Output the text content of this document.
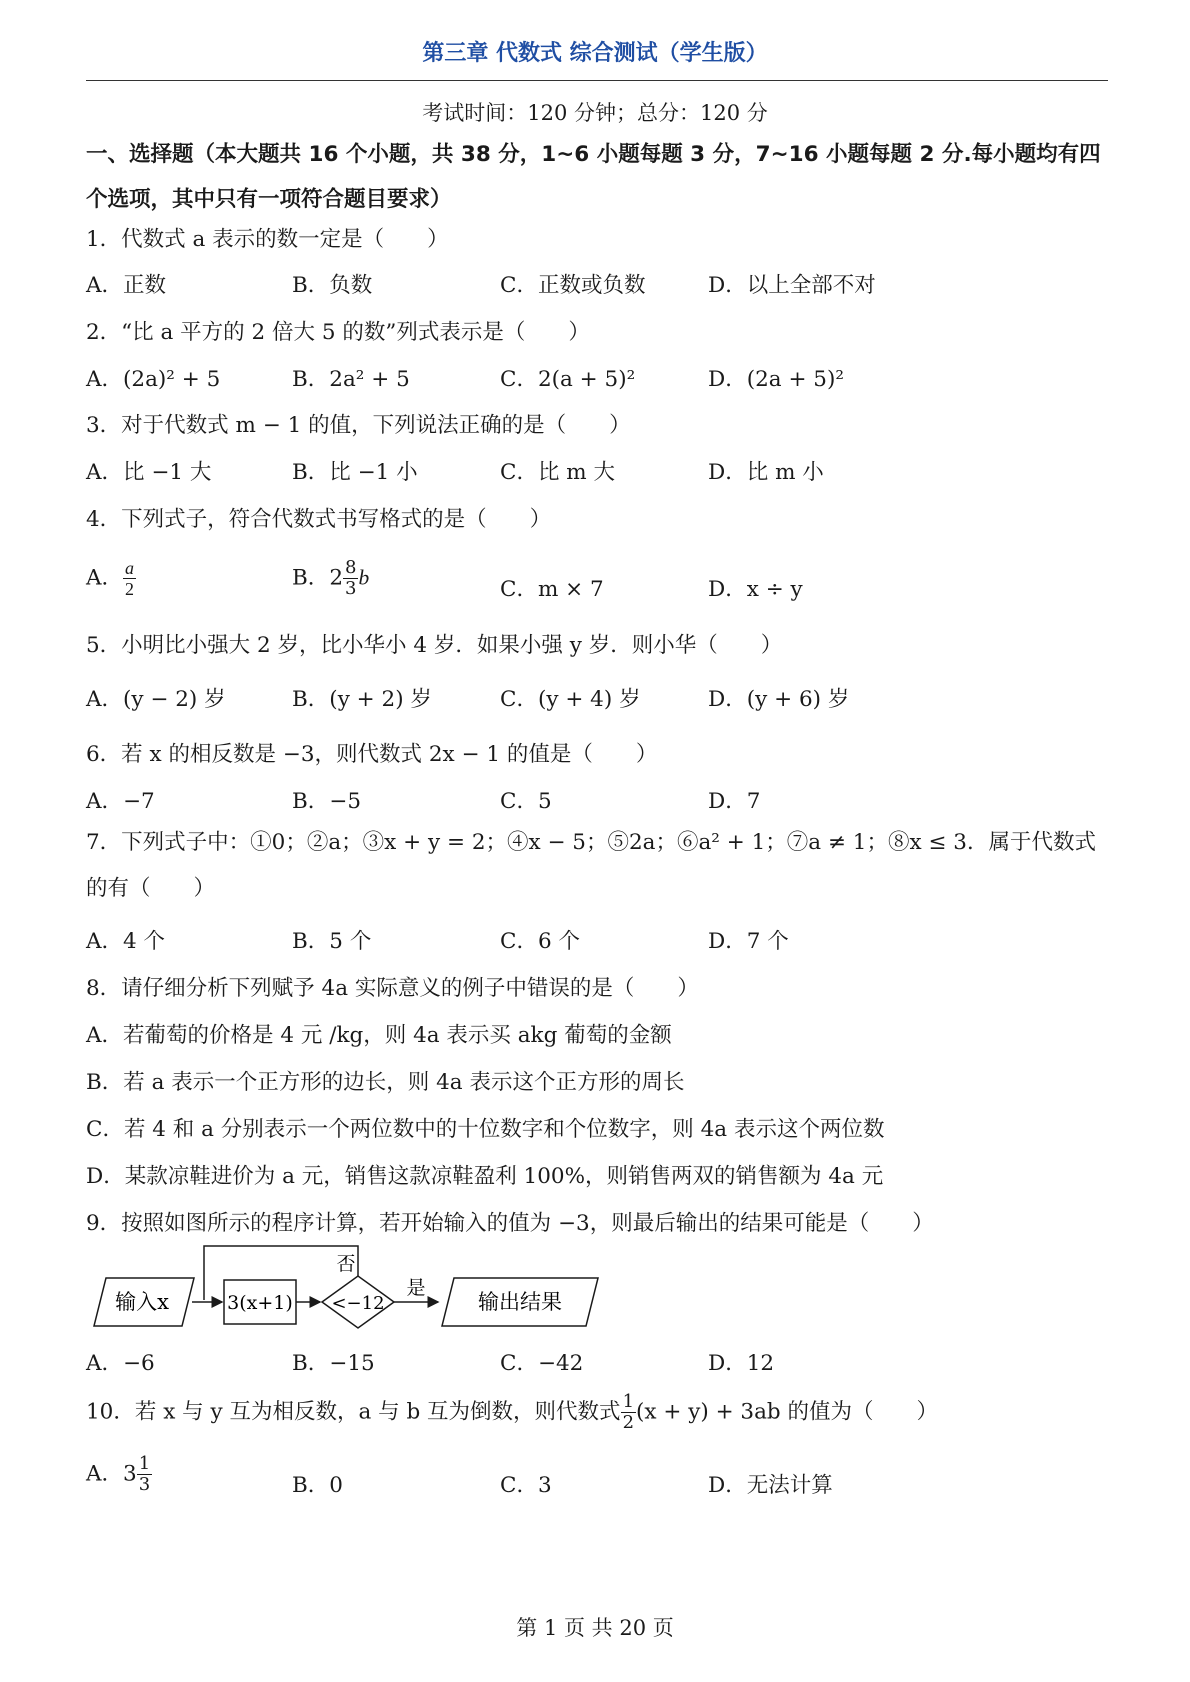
第三章 代数式 综合测试（学生版）
考试时间：120 分钟；总分：120 分
一、选择题（本大题共 16 个小题，共 38 分，1~6 小题每题 3 分，7~16 小题每题 2 分.每小题均有四个选项，其中只有一项符合题目要求）
1．代数式 a 表示的数一定是（　　）
A．正数	B．负数	C．正数或负数	D．以上全部不对
2．“比 a 平方的 2 倍大 5 的数”列式表示是（　　）
A．(2a)² + 5	B．2a² + 5	C．2(a + 5)²	D．(2a + 5)²
3．对于代数式 m − 1 的值，下列说法正确的是（　　）
A．比 −1 大	B．比 −1 小	C．比 m 大	D．比 m 小
4．下列式子，符合代数式书写格式的是（　　）
A． $\frac{a}{2}$	B．$2 \frac{8}{3}$ b	C．m × 7	D．x ÷ y
5．小明比小强大 2 岁，比小华小 4 岁．如果小强 y 岁．则小华（　　）
A．(y − 2) 岁	B．(y + 2) 岁	C．(y + 4) 岁	D．(y + 6) 岁
6．若 x 的相反数是 −3，则代数式 2x − 1 的值是（　　）
A．−7	B．−5	C．5	D．7
7．下列式子中：①0；②a；③x + y = 2；④x − 5；⑤2a；⑥a² + 1；⑦a ≠ 1；⑧x ≤ 3．属于代数式的有（　　）
A．4 个	B．5 个	C．6 个	D．7 个
8．请仔细分析下列赋予 4a 实际意义的例子中错误的是（　　）
A．若葡萄的价格是 4 元 /kg，则 4a 表示买 akg 葡萄的金额
B．若 a 表示一个正方形的边长，则 4a 表示这个正方形的周长
C．若 4 和 a 分别表示一个两位数中的十位数字和个位数字，则 4a 表示这个两位数
D．某款凉鞋进价为 a 元，销售这款凉鞋盈利 100%，则销售两双的销售额为 4a 元
9．按照如图所示的程序计算，若开始输入的值为 −3，则最后输出的结果可能是（　　）
输入x	3(x+1) <−12
否
是
输出结果
A．−6	B．−15	C．−42	D．12
10．若 x 与 y 互为相反数，a 与 b 互为倒数，则代数式 $\frac{1}{2} (x + y) + 3ab$ 的值为（　　）
A．$3 \frac{1}{3}$	B．0	C．3	D．无法计算
第 1 页 共 20 页
